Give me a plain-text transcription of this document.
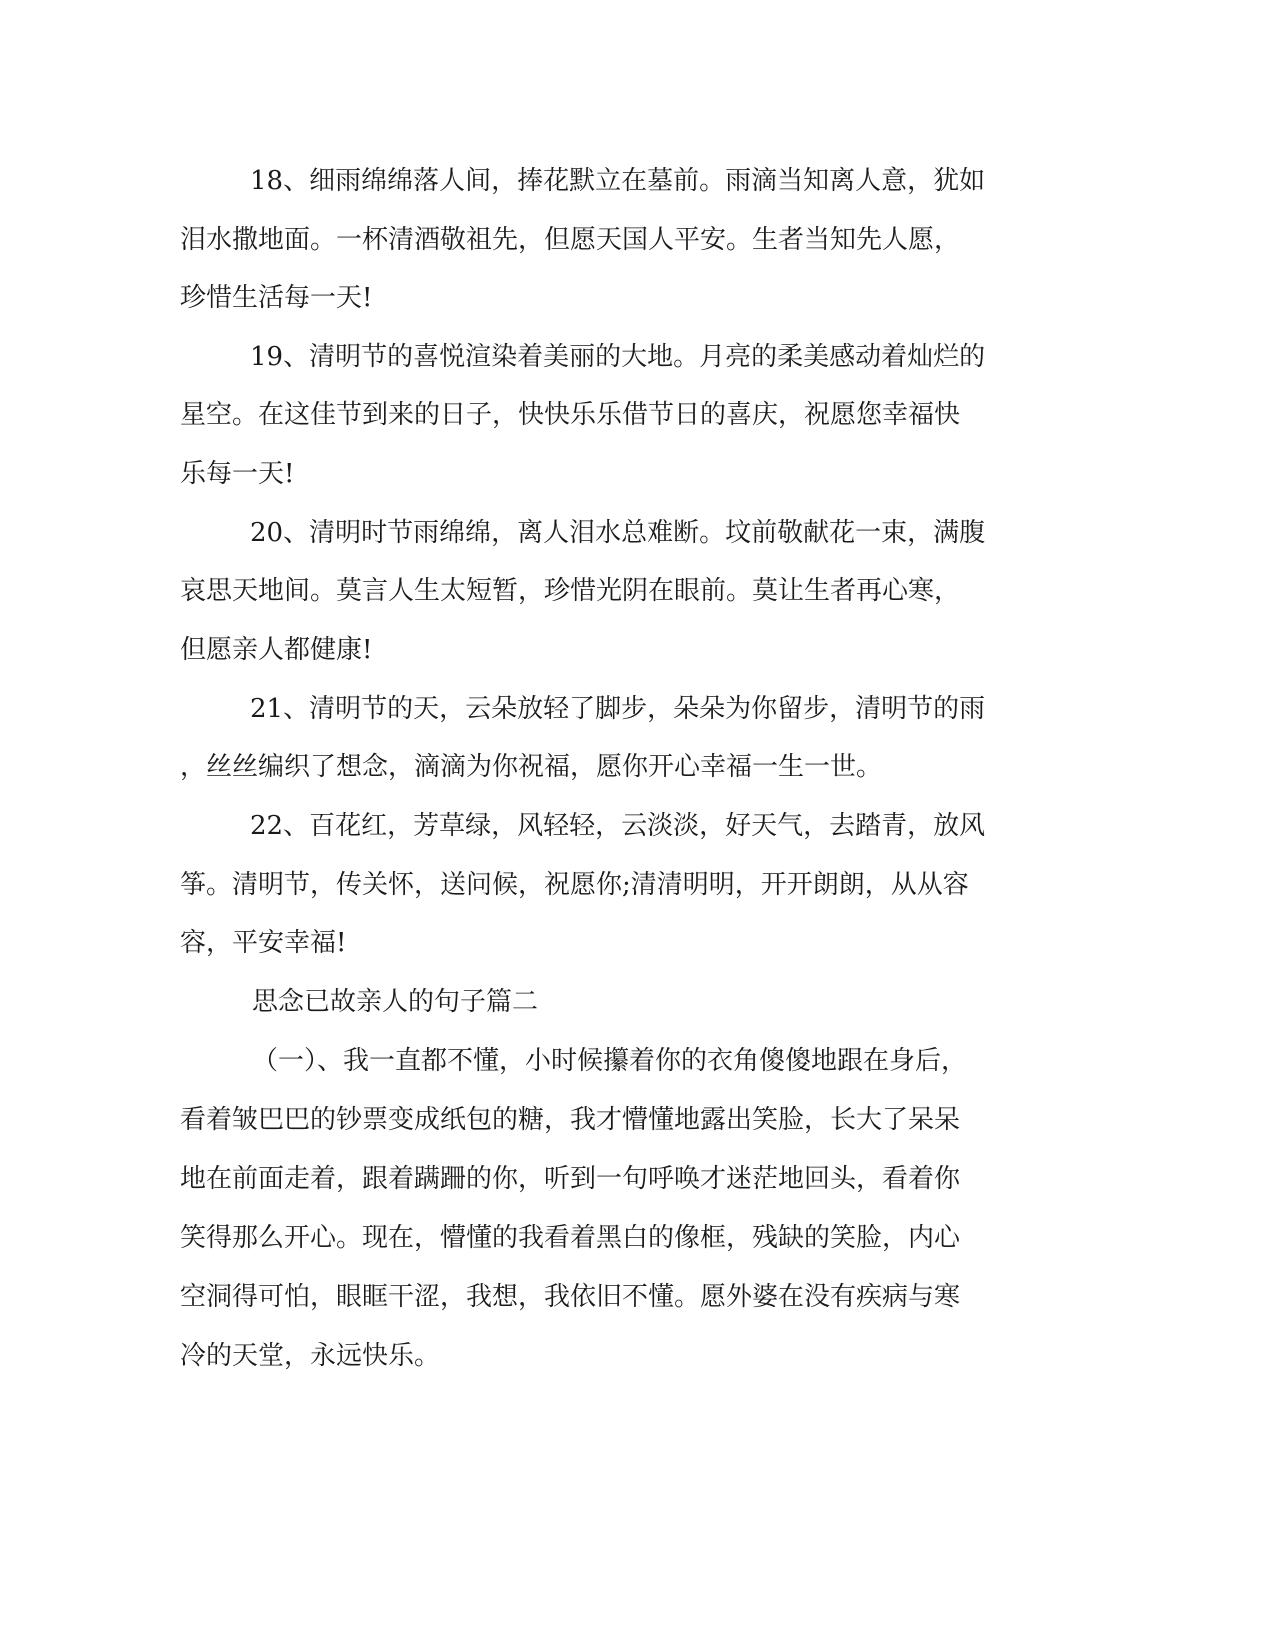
18、细雨绵绵落人间，捧花默立在墓前。雨滴当知离人意，犹如

泪水撒地面。一杯清酒敬祖先，但愿天国人平安。生者当知先人愿，

珍惜生活每一天!

19、清明节的喜悦渲染着美丽的大地。月亮的柔美感动着灿烂的

星空。在这佳节到来的日子，快快乐乐借节日的喜庆，祝愿您幸福快

乐每一天!

20、清明时节雨绵绵，离人泪水总难断。坟前敬献花一束，满腹

哀思天地间。莫言人生太短暂，珍惜光阴在眼前。莫让生者再心寒，

但愿亲人都健康!

21、清明节的天，云朵放轻了脚步，朵朵为你留步，清明节的雨

，丝丝编织了想念，滴滴为你祝福，愿你开心幸福一生一世。

22、百花红，芳草绿，风轻轻，云淡淡，好天气，去踏青，放风

筝。清明节，传关怀，送问候，祝愿你;清清明明，开开朗朗，从从容

容，平安幸福!

思念已故亲人的句子篇二

（一）、我一直都不懂，小时候攥着你的衣角傻傻地跟在身后，

看着皱巴巴的钞票变成纸包的糖，我才懵懂地露出笑脸，长大了呆呆

地在前面走着，跟着蹒跚的你，听到一句呼唤才迷茫地回头，看着你

笑得那么开心。现在，懵懂的我看着黑白的像框，残缺的笑脸，内心

空洞得可怕，眼眶干涩，我想，我依旧不懂。愿外婆在没有疾病与寒

冷的天堂，永远快乐。
